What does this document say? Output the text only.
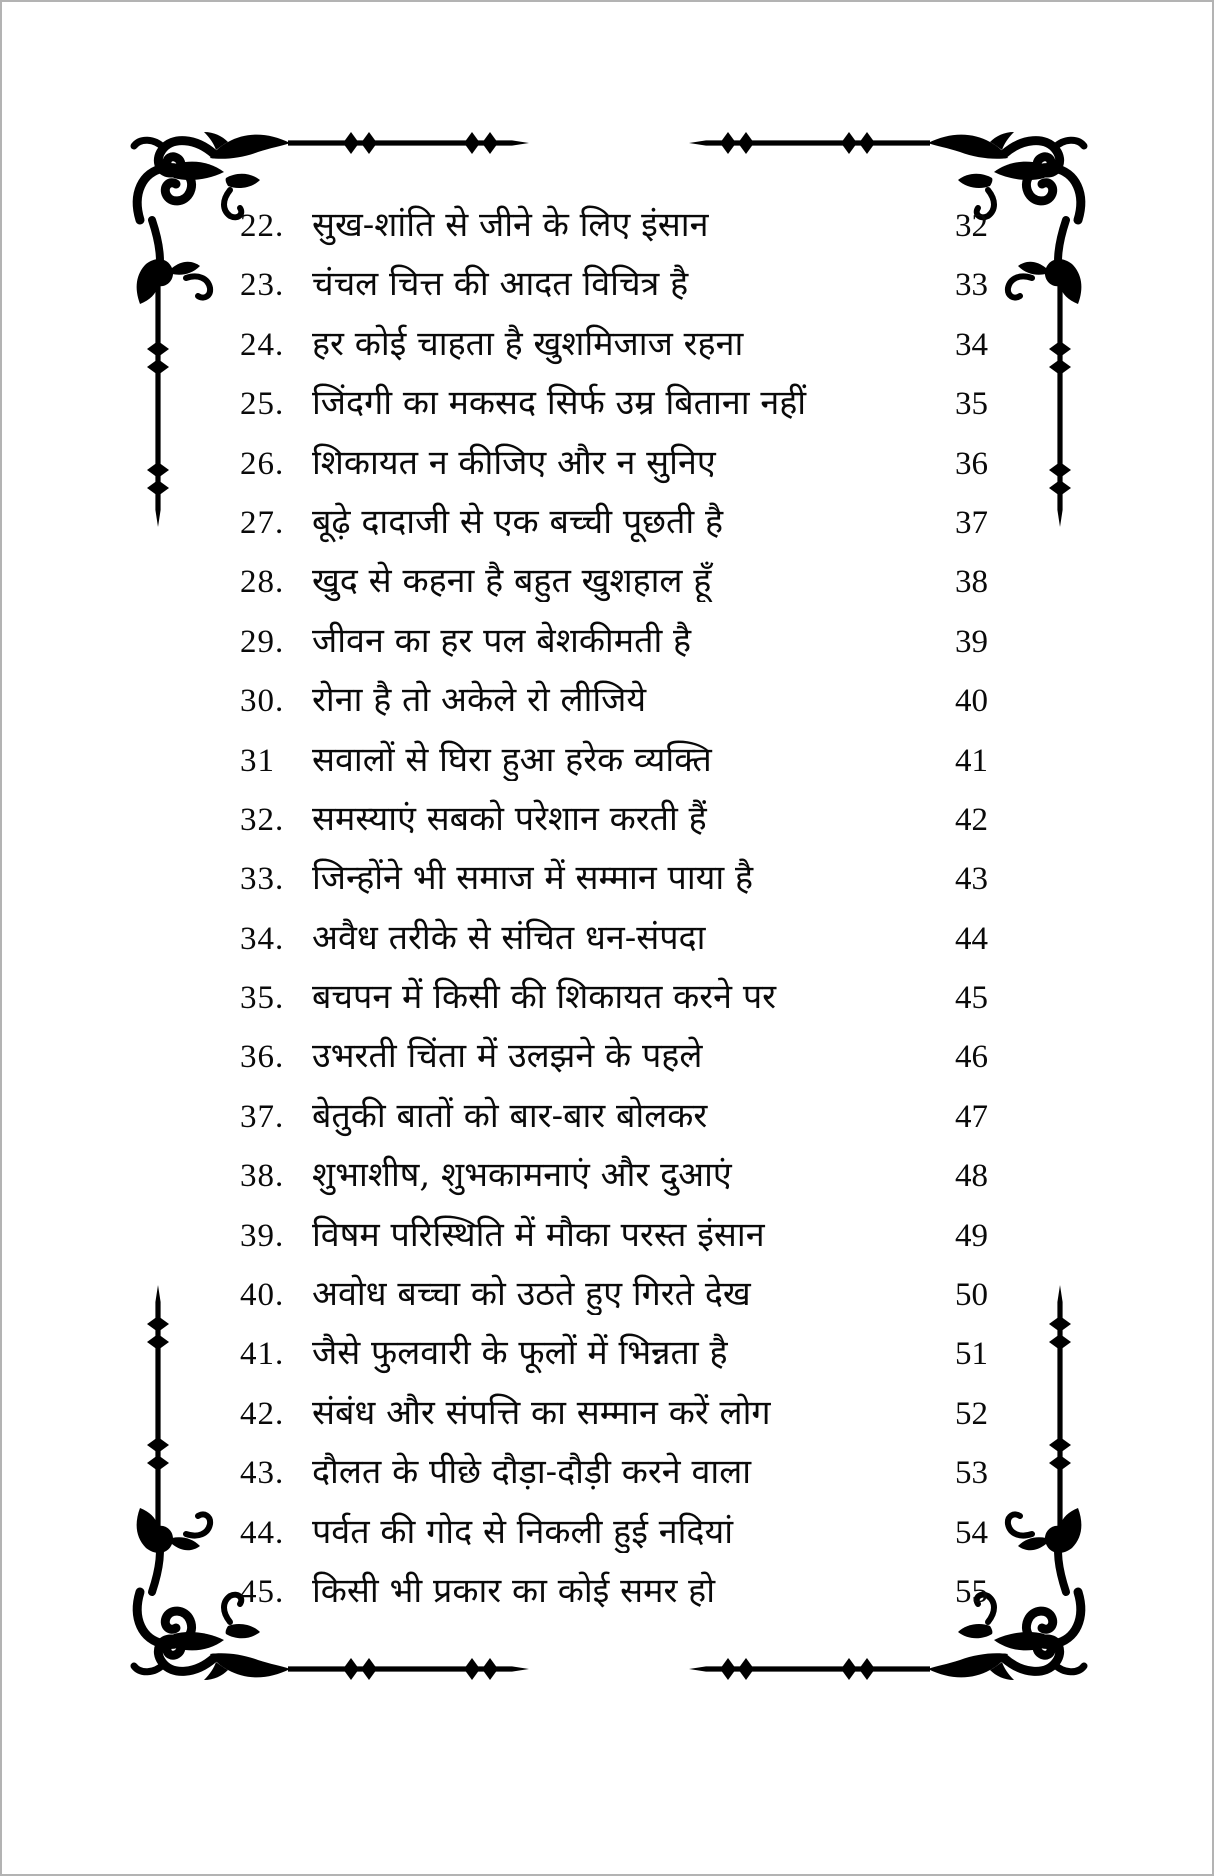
22. सुख-शांति से जीने के लिए इंसान	32
23. चंचल चित्त की आदत विचित्र है	33
24. हर कोई चाहता है खुशमिजाज रहना	34
25. जिंदगी का मकसद सिर्फ उम्र बिताना नहीं	35
26. शिकायत न कीजिए और न सुनिए	36
27. बूढ़े दादाजी से एक बच्ची पूछती है	37
28. खुद से कहना है बहुत खुशहाल हूँ	38
29. जीवन का हर पल बेशकीमती है	39
30. रोना है तो अकेले रो लीजिये	40
31	सवालों से घिरा हुआ हरेक व्यक्ति	41
32. समस्याएं सबको परेशान करती हैं	42
33. जिन्होंने भी समाज में सम्मान पाया है	43
34. अवैध तरीके से संचित धन-संपदा	44
35. बचपन में किसी की शिकायत करने पर	45
36. उभरती चिंता में उलझने के पहले	46
37. बेतुकी बातों को बार-बार बोलकर	47
38. शुभाशीष, शुभकामनाएं और दुआएं	48
39. विषम परिस्थिति में मौका परस्त इंसान	49
40. अवोध बच्चा को उठते हुए गिरते देख	50
41. जैसे फुलवारी के फूलों में भिन्नता है	51
42. संबंध और संपत्ति का सम्मान करें लोग	52
43. दौलत के पीछे दौड़ा-दौड़ी करने वाला	53
44. पर्वत की गोद से निकली हुई नदियां	54
45. किसी भी प्रकार का कोई समर हो	55
